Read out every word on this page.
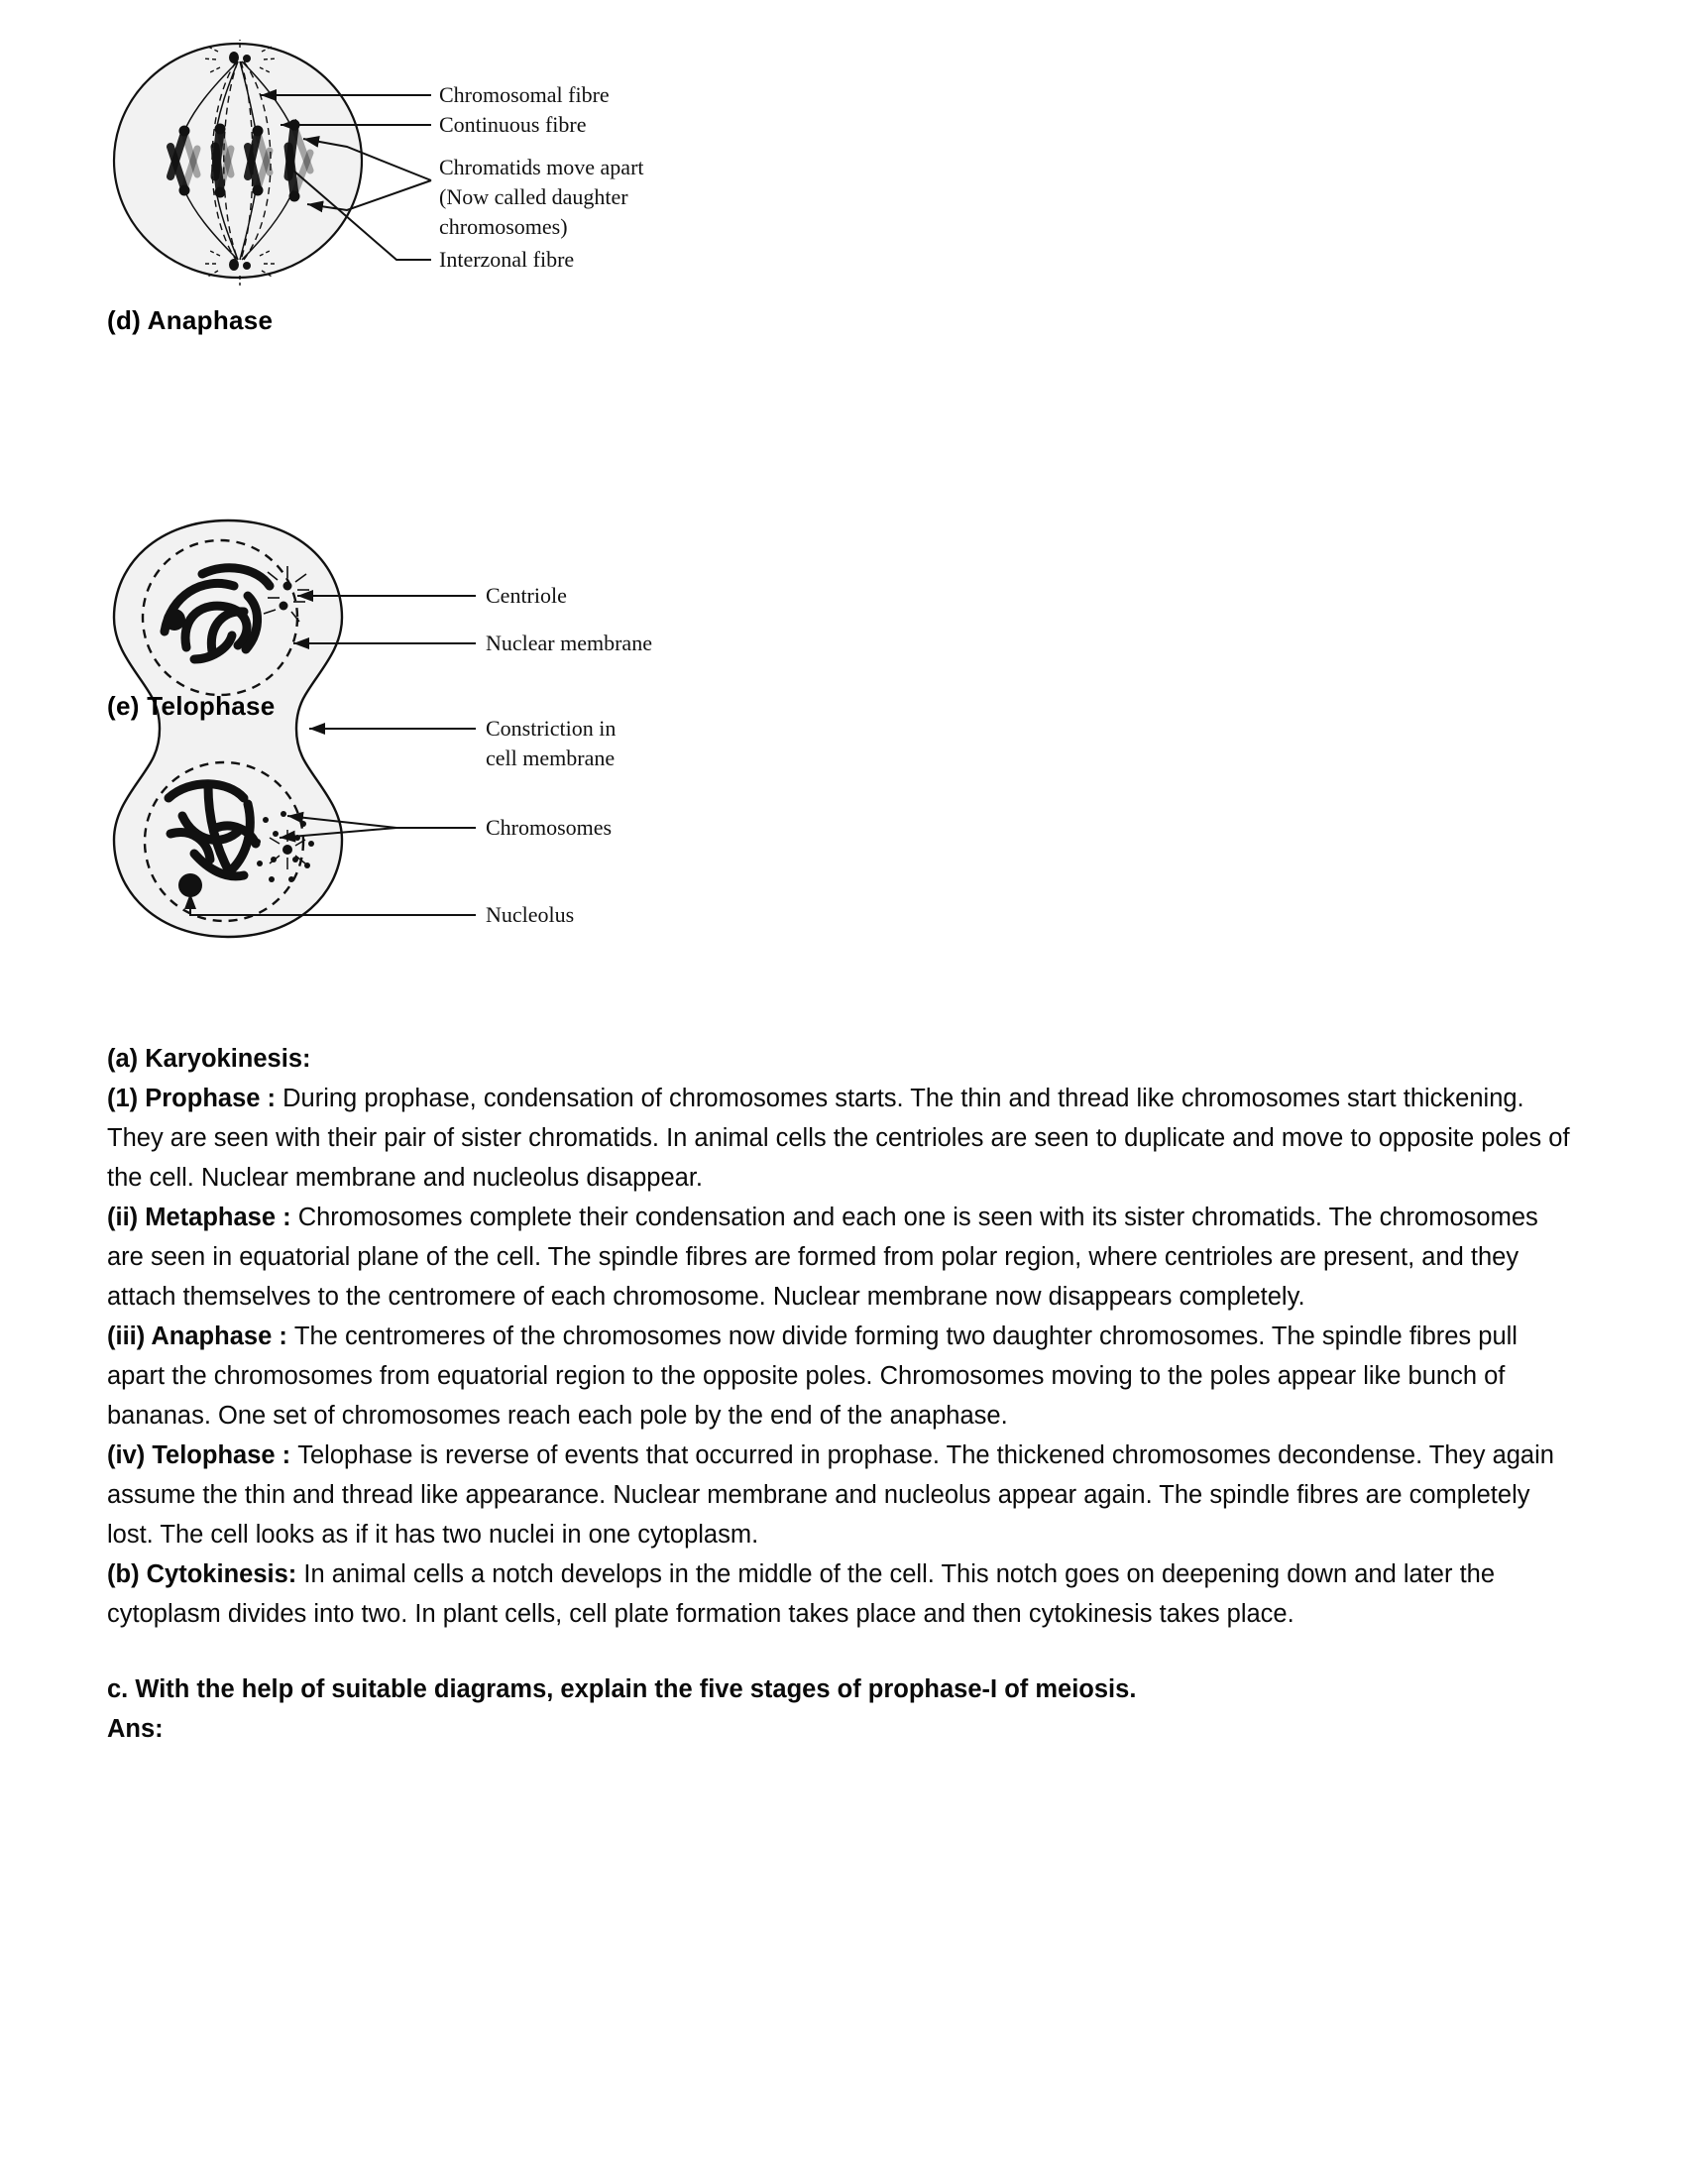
Chromosomal fibre
Continuous fibre
Chromatids move apart
(Now called daughter
chromosomes)
Interzonal fibre
(d) Anaphase
Centriole
Nuclear membrane
Constriction in
cell membrane
Chromosomes
Nucleolus
(e) Telophase

(a) Karyokinesis:

(1) Prophase : During prophase, condensation of chromosomes starts. The thin and thread like chromosomes start thickening. They are seen with their pair of sister chromatids. In animal cells the centrioles are seen to duplicate and move to opposite poles of the cell. Nuclear membrane and nucleolus disappear.

(ii) Metaphase : Chromosomes complete their condensation and each one is seen with its sister chromatids. The chromosomes are seen in equatorial plane of the cell. The spindle fibres are formed from polar region, where centrioles are present, and they attach themselves to the centromere of each chromosome. Nuclear membrane now disappears completely.

(iii) Anaphase : The centromeres of the chromosomes now divide forming two daughter chromosomes. The spindle fibres pull apart the chromosomes from equatorial region to the opposite poles. Chromosomes moving to the poles appear like bunch of bananas. One set of chromosomes reach each pole by the end of the anaphase.

(iv) Telophase : Telophase is reverse of events that occurred in prophase. The thickened chromosomes decondense. They again assume the thin and thread like appearance. Nuclear membrane and nucleolus appear again. The spindle fibres are completely lost. The cell looks as if it has two nuclei in one cytoplasm.

(b) Cytokinesis: In animal cells a notch develops in the middle of the cell. This notch goes on deepening down and later the cytoplasm divides into two. In plant cells, cell plate formation takes place and then cytokinesis takes place.

c. With the help of suitable diagrams, explain the five stages of prophase-I of meiosis.

Ans:
